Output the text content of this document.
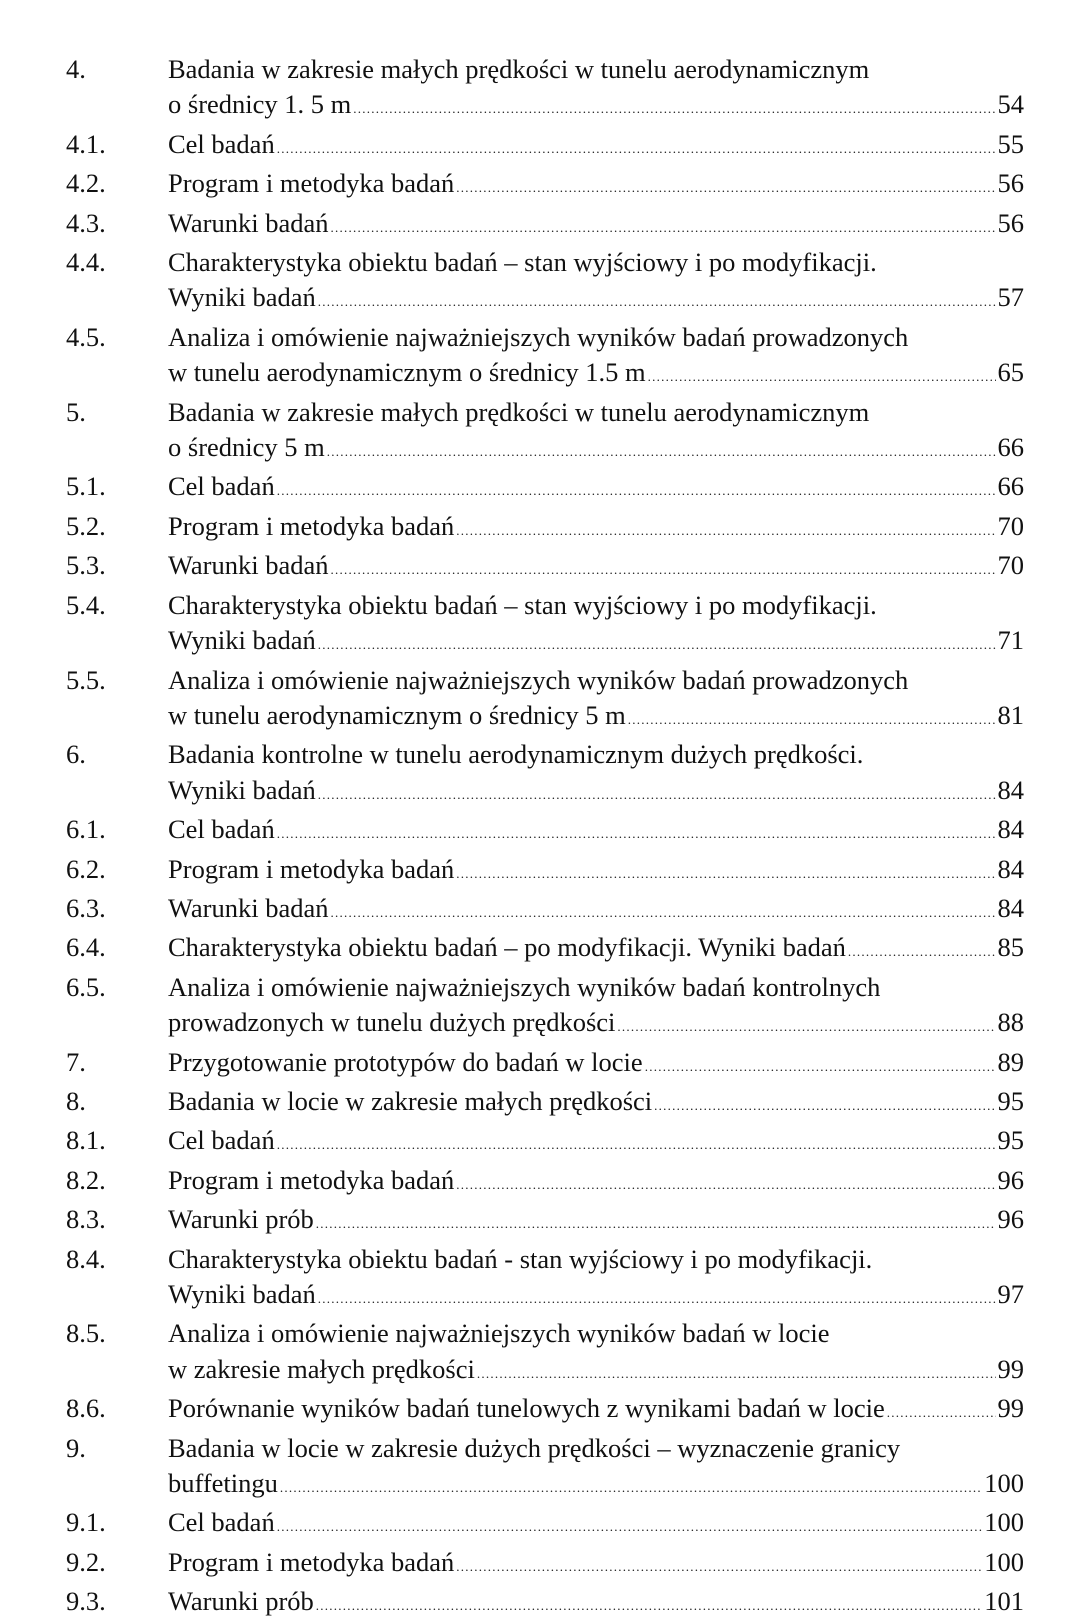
4.	Badania w zakresie małych prędkości w tunelu aerodynamicznym
o średnicy 1. 5 m . . .	54
4.1.	Cel badań . . .	55
4.2.	Program i metodyka badań . . .	56
4.3.	Warunki badań . . .	56
4.4.	Charakterystyka obiektu badań – stan wyjściowy i po modyfikacji.
Wyniki badań . . .	57
4.5.	Analiza i omówienie najważniejszych wyników badań prowadzonych
w tunelu aerodynamicznym o średnicy 1.5 m . . .	65
5.	Badania w zakresie małych prędkości w tunelu aerodynamicznym
o średnicy 5 m . . .	66
5.1.	Cel badań . . .	66
5.2.	Program i metodyka badań . . .	70
5.3.	Warunki badań . . .	70
5.4.	Charakterystyka obiektu badań – stan wyjściowy i po modyfikacji.
Wyniki badań . . .	71
5.5.	Analiza i omówienie najważniejszych wyników badań prowadzonych
w tunelu aerodynamicznym o średnicy 5 m . . .	81
6.	Badania kontrolne w tunelu aerodynamicznym dużych prędkości.
Wyniki badań . . .	84
6.1.	Cel badań . . .	84
6.2.	Program i metodyka badań . . .	84
6.3.	Warunki badań . . .	84
6.4.	Charakterystyka obiektu badań – po modyfikacji. Wyniki badań . . .	85
6.5.	Analiza i omówienie najważniejszych wyników badań kontrolnych
prowadzonych w tunelu dużych prędkości . . .	88
7.	Przygotowanie prototypów do badań w locie . . .	89
8.	Badania w locie w zakresie małych prędkości . . .	95
8.1.	Cel badań . . .	95
8.2.	Program i metodyka badań . . .	96
8.3.	Warunki prób . . .	96
8.4.	Charakterystyka obiektu badań - stan wyjściowy i po modyfikacji.
Wyniki badań . . .	97
8.5.	Analiza i omówienie najważniejszych wyników badań w locie
w zakresie małych prędkości . . .	99
8.6.	Porównanie wyników badań tunelowych z wynikami badań w locie . . .	99
9.	Badania w locie w zakresie dużych prędkości – wyznaczenie granicy
buffetingu . . .	100
9.1.	Cel badań . . .	100
9.2.	Program i metodyka badań . . .	100
9.3.	Warunki prób . . .	101
